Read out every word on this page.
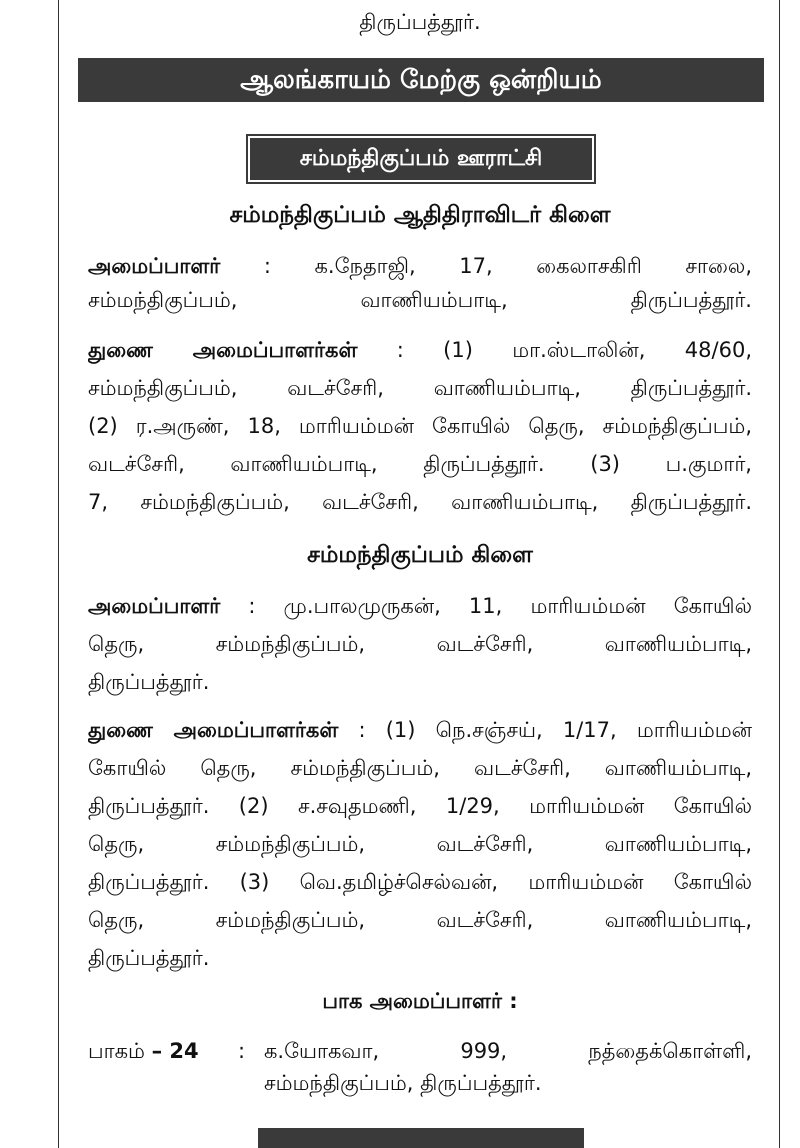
திருப்பத்தூர்.

ஆலங்காயம் மேற்கு ஒன்றியம்
சம்மந்திகுப்பம் ஊராட்சி
சம்மந்திகுப்பம் ஆதிதிராவிடர் கிளை

அமைப்பாளர் : க.நேதாஜி, 17, கைலாசகிரி சாலை,

சம்மந்திகுப்பம், வாணியம்பாடி, திருப்பத்தூர்.

துணை அமைப்பாளர்கள் : (1) மா.ஸ்டாலின், 48/60,

சம்மந்திகுப்பம், வடச்சேரி, வாணியம்பாடி, திருப்பத்தூர்.

(2) ர.அருண், 18, மாரியம்மன் கோயில் தெரு, சம்மந்திகுப்பம்,

வடச்சேரி, வாணியம்பாடி, திருப்பத்தூர். (3) ப.குமார்,

7, சம்மந்திகுப்பம், வடச்சேரி, வாணியம்பாடி, திருப்பத்தூர்.

சம்மந்திகுப்பம் கிளை

அமைப்பாளர் : மு.பாலமுருகன், 11, மாரியம்மன் கோயில்

தெரு, சம்மந்திகுப்பம், வடச்சேரி, வாணியம்பாடி,

திருப்பத்தூர்.

துணை அமைப்பாளர்கள் : (1) நெ.சஞ்சய், 1/17, மாரியம்மன்

கோயில் தெரு, சம்மந்திகுப்பம், வடச்சேரி, வாணியம்பாடி,

திருப்பத்தூர். (2) ச.சவுதமணி, 1/29, மாரியம்மன் கோயில்

தெரு, சம்மந்திகுப்பம், வடச்சேரி, வாணியம்பாடி,

திருப்பத்தூர். (3) வெ.தமிழ்ச்செல்வன், மாரியம்மன் கோயில்

தெரு, சம்மந்திகுப்பம், வடச்சேரி, வாணியம்பாடி,

திருப்பத்தூர்.

பாக அமைப்பாளர் :
பாகம் – 24 : க.யோகவா, 999, நத்தைக்கொள்ளி,
சம்மந்திகுப்பம், திருப்பத்தூர்.
